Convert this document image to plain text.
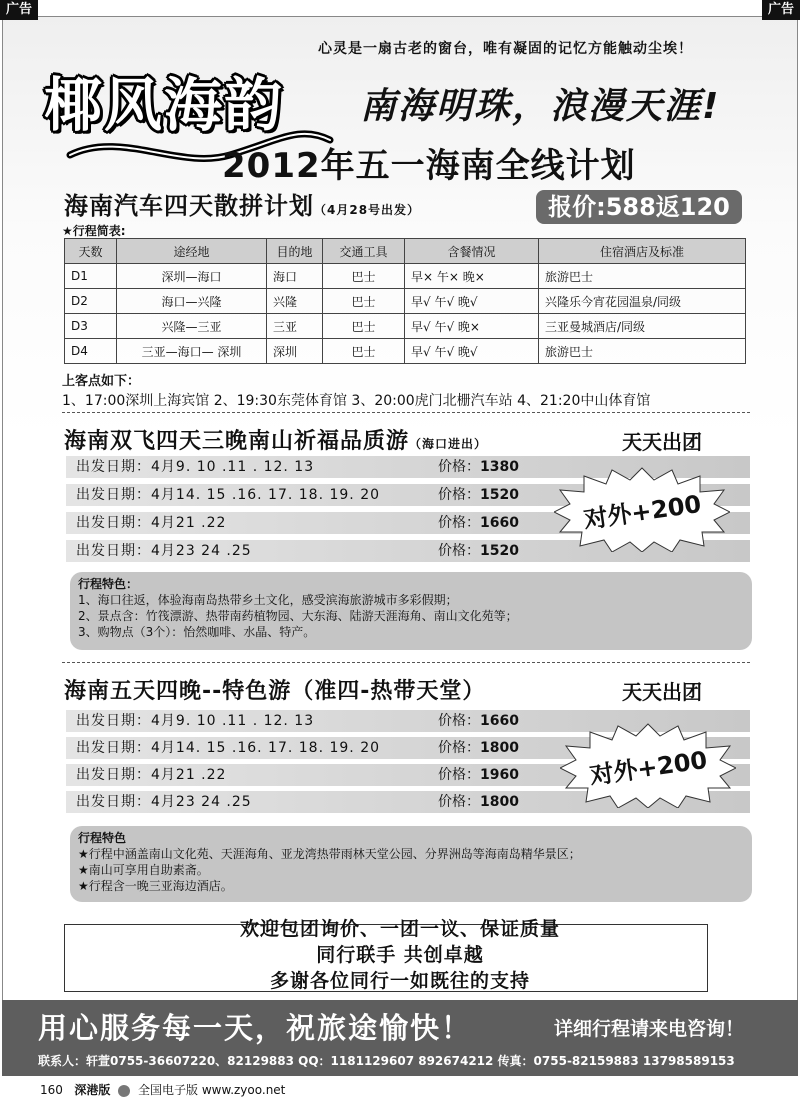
广告	广告
心灵是一扇古老的窗台，唯有凝固的记忆方能触动尘埃！
椰风海韵 南海明珠，浪漫天涯!
2012年五一海南全线计划
海南汽车四天散拼计划（4月28号出发）	报价:588返120
★行程简表:
天数	途经地	目的地	交通工具	含餐情况	住宿酒店及标准
D1	深圳—海口	海口	巴士	早× 午× 晚×	旅游巴士
D2	海口—兴隆	兴隆	巴士	早√ 午√ 晚√	兴隆乐今宵花园温泉/同级
D3	兴隆—三亚	三亚	巴士	早√ 午√ 晚×	三亚曼城酒店/同级
D4	三亚—海口— 深圳	深圳	巴士	早√ 午√ 晚√	旅游巴士
上客点如下：
1、17:00深圳上海宾馆 2、19:30东莞体育馆 3、20:00虎门北栅汽车站 4、21:20中山体育馆
海南双飞四天三晚南山祈福品质游（海口进出）	天天出团
出发日期：4月9. 10 .11 . 12. 13	价格：1380
出发日期：4月14. 15 .16. 17. 18. 19. 20	价格：1520
出发日期：4月21 .22	价格：1660
出发日期：4月23 24 .25	价格：1520
对外+200
行程特色：
1、海口往返，体验海南岛热带乡土文化，感受滨海旅游城市多彩假期；
2、景点含：竹筏漂游、热带南药植物园、大东海、陆游天涯海角、南山文化苑等；
3、购物点（3个）：怡然咖啡、水晶、特产。
海南五天四晚--特色游（准四-热带天堂）	天天出团
出发日期：4月9. 10 .11 . 12. 13	价格：1660
出发日期：4月14. 15 .16. 17. 18. 19. 20	价格：1800
出发日期：4月21 .22	价格：1960
出发日期：4月23 24 .25	价格：1800
对外+200
行程特色
★行程中涵盖南山文化苑、天涯海角、亚龙湾热带雨林天堂公园、分界洲岛等海南岛精华景区；
★南山可享用自助素斋。
★行程含一晚三亚海边酒店。
欢迎包团询价、一团一议、保证质量
同行联手 共创卓越
多谢各位同行一如既往的支持
用心服务每一天，祝旅途愉快！	详细行程请来电咨询！
联系人：轩萱0755-36607220、82129883 QQ：1181129607 892674212 传真：0755-82159883 13798589153
160 深港版 全国电子版 www.zyoo.net
